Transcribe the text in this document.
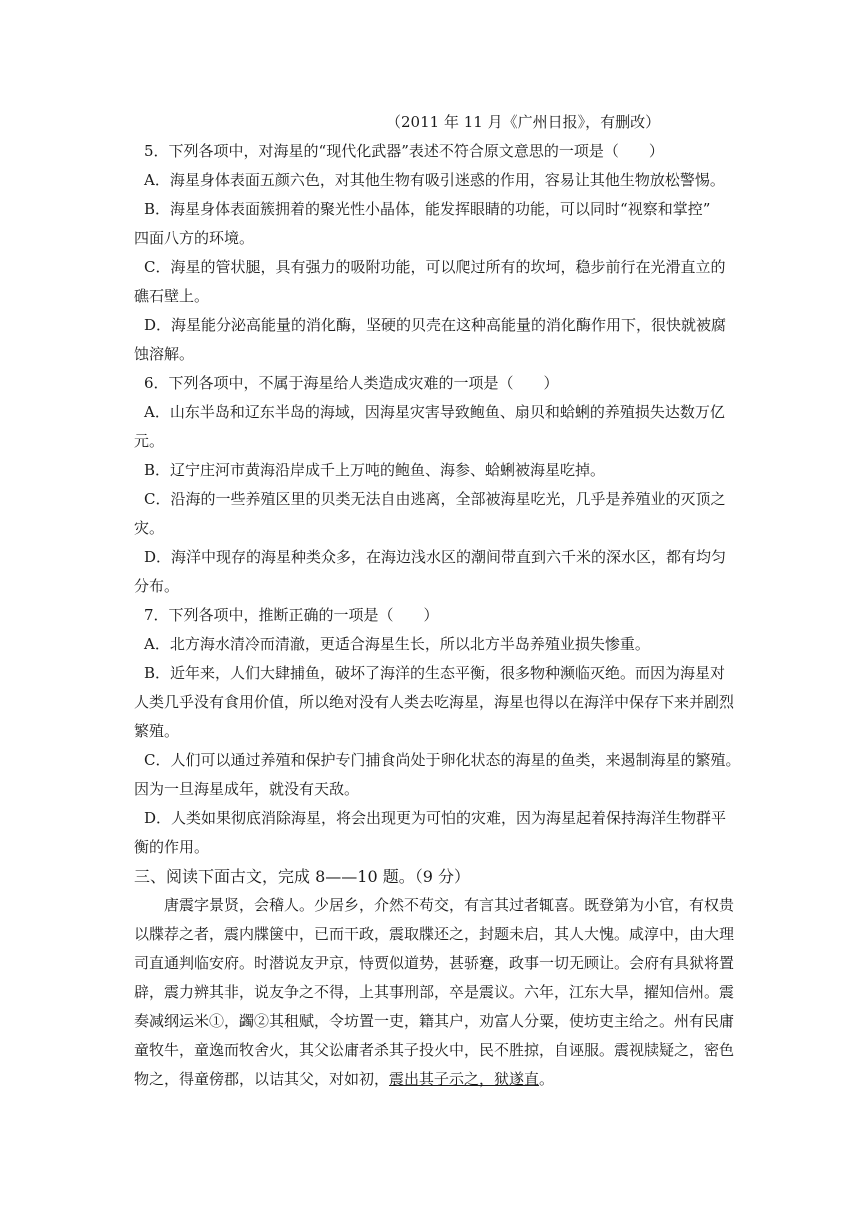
（2011 年 11 月《广州日报》，有删改）
5．下列各项中，对海星的“现代化武器”表述不符合原文意思的一项是（　　）
A．海星身体表面五颜六色，对其他生物有吸引迷惑的作用，容易让其他生物放松警惕。
B．海星身体表面簇拥着的聚光性小晶体，能发挥眼睛的功能，可以同时“视察和掌控”
四面八方的环境。
C．海星的管状腿，具有强力的吸附功能，可以爬过所有的坎坷，稳步前行在光滑直立的
礁石壁上。
D．海星能分泌高能量的消化酶，坚硬的贝壳在这种高能量的消化酶作用下，很快就被腐
蚀溶解。
6．下列各项中，不属于海星给人类造成灾难的一项是（　　）
A．山东半岛和辽东半岛的海域，因海星灾害导致鲍鱼、扇贝和蛤蜊的养殖损失达数万亿
元。
B．辽宁庄河市黄海沿岸成千上万吨的鲍鱼、海参、蛤蜊被海星吃掉。
C．沿海的一些养殖区里的贝类无法自由逃离，全部被海星吃光，几乎是养殖业的灭顶之
灾。
D．海洋中现存的海星种类众多，在海边浅水区的潮间带直到六千米的深水区，都有均匀
分布。
7．下列各项中，推断正确的一项是（　　）
A．北方海水清冷而清澈，更适合海星生长，所以北方半岛养殖业损失惨重。
B．近年来，人们大肆捕鱼，破坏了海洋的生态平衡，很多物种濒临灭绝。而因为海星对
人类几乎没有食用价值，所以绝对没有人类去吃海星，海星也得以在海洋中保存下来并剧烈
繁殖。
C．人们可以通过养殖和保护专门捕食尚处于卵化状态的海星的鱼类，来遏制海星的繁殖。
因为一旦海星成年，就没有天敌。
D．人类如果彻底消除海星，将会出现更为可怕的灾难，因为海星起着保持海洋生物群平
衡的作用。
三、阅读下面古文，完成 8——10 题。（9 分）
唐震字景贤，会稽人。少居乡，介然不苟交，有言其过者辄喜。既登第为小官，有权贵
以牒荐之者，震内牒箧中，已而干政，震取牒还之，封题未启，其人大愧。咸淳中，由大理
司直通判临安府。时潜说友尹京，恃贾似道势，甚骄蹇，政事一切无顾让。会府有具狱将置
辟，震力辨其非，说友争之不得，上其事刑部，卒是震议。六年，江东大旱，擢知信州。震
奏减纲运米①，蠲②其租赋，令坊置一吏，籍其户，劝富人分粟，使坊吏主给之。州有民庸
童牧牛，童逸而牧舍火，其父讼庸者杀其子投火中，民不胜掠，自诬服。震视牍疑之，密色
物之，得童傍郡，以诘其父，对如初，震出其子示之，狱遂直。
